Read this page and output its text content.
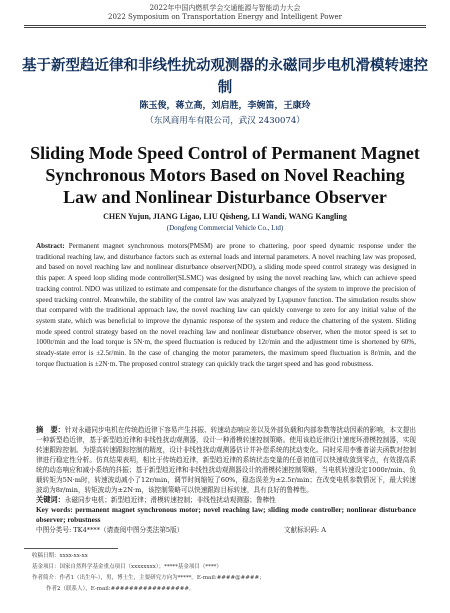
2022年中国内燃机学会交通能源与智能动力大会
2022 Symposium on Transportation Energy and Intelligent Power
基于新型趋近律和非线性扰动观测器的永磁同步电机滑模转速控制
陈玉俊，蒋立高，刘启胜，李婉笛，王康玲
（东风商用车有限公司，武汉 2430074）
Sliding Mode Speed Control of Permanent Magnet Synchronous Motors Based on Novel Reaching Law and Nonlinear Disturbance Observer
CHEN Yujun, JIANG Ligao, LIU Qisheng, LI Wandi, WANG Kangling
(Dongfeng Commercial Vehicle Co., Ltd)
Abstract: Permanent magnet synchronous motors(PMSM) are prone to chattering, poor speed dynamic response under the traditional reaching law, and disturbance factors such as external loads and internal parameters. A novel reaching law was proposed, and based on novel reaching law and nonlinear disturbance observer(NDO), a sliding mode speed control strategy was designed in this paper. A speed loop sliding mode controller(SLSMC) was designed by using the novel reaching law, which can achieve speed tracking control. NDO was utilized to estimate and compensate for the disturbance changes of the system to improve the precision of speed tracking control. Meanwhile, the stability of the control law was analyzed by Lyapunov function. The simulation results show that compared with the traditional approach law, the novel reaching law can quickly converge to zero for any initial value of the system state, which was beneficial to improve the dynamic response of the system and reduce the chattering of the system. Sliding mode speed control strategy based on the novel reaching law and nonlinear disturbance observer, when the motor speed is set to 1000r/min and the load torque is 5N·m, the speed fluctuation is reduced by 12r/min and the adjustment time is shortened by 60%, steady-state error is ±2.5r/min. In the case of changing the motor parameters, the maximum speed fluctuation is 8r/min, and the torque fluctuation is ±2N·m. The proposed control strategy can quickly track the target speed and has good robustness.
摘　要：针对永磁同步电机在传统趋近律下容易产生抖振、转速动态响应差以及外部负载和内部参数等扰动因素的影响，本文提出一种新型趋近律，基于新型趋近律和非线性扰动观测器，设计一种滑模转速控制策略。使用该趋近律设计速度环滑模控制器，实现转速跟踪控制。为提高转速跟踪控制的精度，设计非线性扰动观测器估计并补偿系统的扰动变化。同时采用李雅普诺夫函数对控制律进行稳定性分析。仿真结果表明，相比于传统趋近律，新型趋近律的系统状态变量的任意初值可以快速收敛到零点，有效提高系统的动态响应和减小系统的抖振；基于新型趋近律和非线性扰动观测器设计的滑模转速控制策略，当电机转速设定1000r/min、负载转矩为5N·m时，转速波动减小了12r/min，调节时间缩短了60%，稳态误差为±2.5r/min；在改变电机参数情况下，最大转速波动为8r/min，转矩波动为±2N·m，该控制策略可以快速跟踪目标转速，具有良好的鲁棒性。
关键词：永磁同步电机；新型趋近律；滑模转速控制；非线性扰动观测器；鲁棒性
Key words: permanent magnet synchronous motor; novel reaching law; sliding mode controller; nonlinear disturbance observer; robustness
中图分类号: TK4****（请查阅中图分类法第5版）	文献标识码: A
收稿日期：xxxx-xx-xx
基金项目：国家自然科学基金重点项目（xxxxxxxx）；*****基金项目（****）
作者简介：作者1（出生年-），男，博士生，主要研究方向为*****。E-mail:####@####；
作者2（联系人），E-mail:#################。
